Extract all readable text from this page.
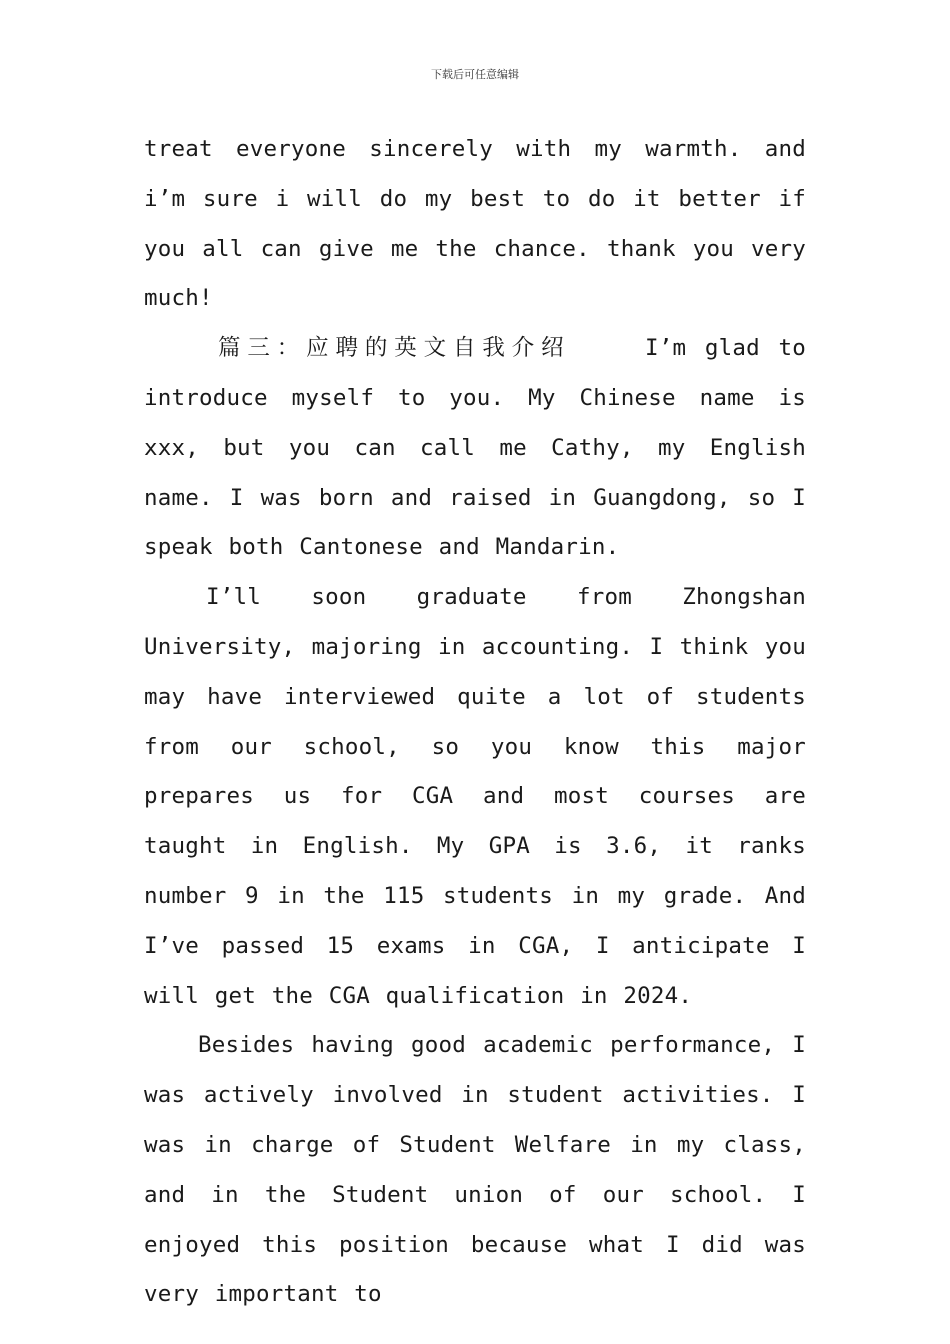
下载后可任意编辑

treat everyone sincerely with my warmth. and i’m sure i will do my best to do it better if you all can give me the chance. thank you very much!

篇三：应聘的英文自我介绍	I’m glad to introduce myself to you. My Chinese name is xxx, but you can call me Cathy, my English name. I was born and raised in Guangdong, so I speak both Cantonese and Mandarin.

I’ll soon graduate from Zhongshan University, majoring in accounting. I think you may have interviewed quite a lot of students from our school, so you know this major prepares us for CGA and most courses are taught in English. My GPA is 3.6, it ranks number 9 in the 115 students in my grade. And I’ve passed 15 exams in CGA, I anticipate I will get the CGA qualification in 2024.

Besides having good academic performance, I was actively involved in student activities. I was in charge of Student Welfare in my class, and in the Student union of our school. I enjoyed this position because what I did was very important to
